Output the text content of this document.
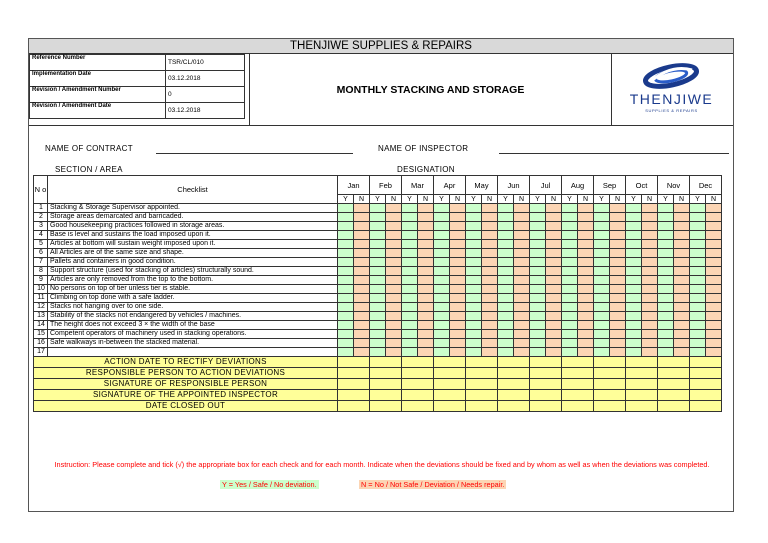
THENJIWE SUPPLIES & REPAIRS
Reference Number	TSR/CL/010
Implementation Date	03.12.2018
Revision / Amendment Number	0
Revision / Amendment Date	03.12.2018
MONTHLY STACKING AND STORAGE
THENJIWE
SUPPLIES & REPAIRS
NAME OF CONTRACT	NAME OF INSPECTOR
SECTION / AREA	DESIGNATION
N o	Checklist	Jan		Feb		Mar		Apr		May		Jun		Jul		Aug		Sep		Oct		Nov		Dec	
		Y	N	Y	N	Y	N	Y	N	Y	N	Y	N	Y	N	Y	N	Y	N	Y	N	Y	N	Y	N
1	Stacking & Storage Supervisor appointed.																								
2	Storage areas demarcated and barricaded.																								
3	Good housekeeping practices followed in storage areas.																								
4	Base is level and sustains the load imposed upon it.																								
5	Articles at bottom will sustain weight imposed upon it.																								
6	All Articles are of the same size and shape.																								
7	Pallets and containers in good condition.																								
8	Support structure (used for stacking of articles) structurally sound.																								
9	Articles are only removed from the top to the bottom.																								
10	No persons on top of tier unless tier is stable.																								
11	Climbing on top done with a safe ladder.																								
12	Stacks not hanging over to one side.																								
13	Stability of the stacks not endangered by vehicles / machines.																								
14	The height does not exceed 3 × the width of the base																								
15	Competent operators of machinery used in stacking operations.																								
16	Safe walkways in-between the stacked material.																								
17																									
ACTION DATE TO RECTIFY DEVIATIONS																									
RESPONSIBLE PERSON TO ACTION DEVIATIONS																									
SIGNATURE OF RESPONSIBLE PERSON																									
SIGNATURE OF THE APPOINTED INSPECTOR																									
DATE CLOSED OUT																									
Instruction: Please complete and tick (√) the appropriate box for each check and for each month. Indicate when the deviations should be fixed and by whom as well as when the deviations was completed.
Y = Yes / Safe / No deviation.	N = No / Not Safe / Deviation / Needs repair.
